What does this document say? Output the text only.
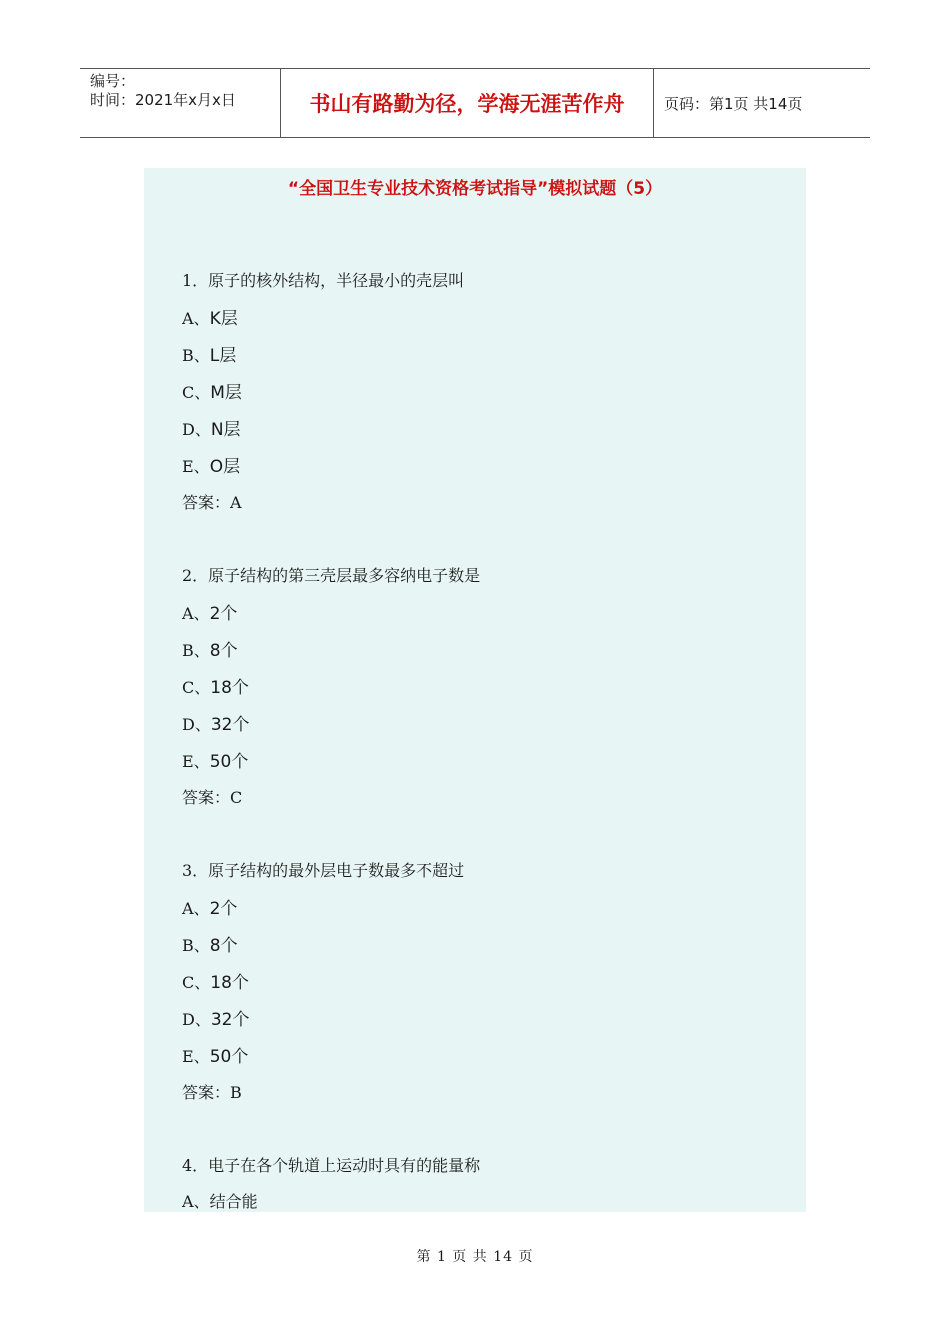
编号：
时间：2021年x月x日	书山有路勤为径，学海无涯苦作舟	页码：第1页 共14页
“全国卫生专业技术资格考试指导”模拟试题（5）
1．原子的核外结构，半径最小的壳层叫
A、K层
B、L层
C、M层
D、N层
E、O层
答案：A
2．原子结构的第三壳层最多容纳电子数是
A、2个
B、8个
C、18个
D、32个
E、50个
答案：C
3．原子结构的最外层电子数最多不超过
A、2个
B、8个
C、18个
D、32个
E、50个
答案：B
4．电子在各个轨道上运动时具有的能量称
A、结合能
第 1 页 共 14 页
